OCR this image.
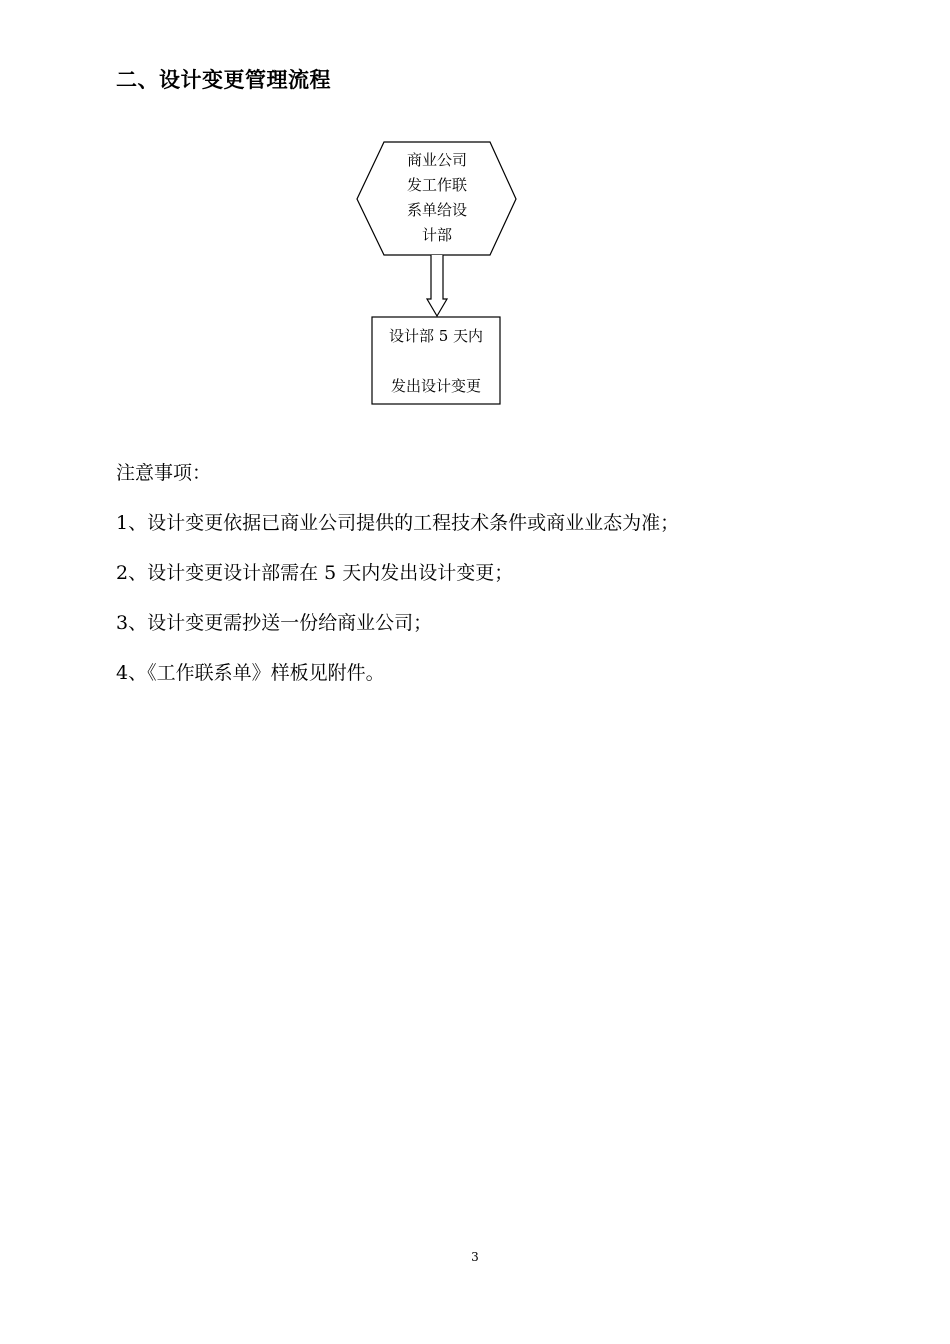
二、设计变更管理流程
商业公司
发工作联
系单给设
计部
设计部 5 天内
发出设计变更
注意事项：
1、设计变更依据已商业公司提供的工程技术条件或商业业态为准；
2、设计变更设计部需在 5 天内发出设计变更；
3、设计变更需抄送一份给商业公司；
4、《工作联系单》样板见附件。
3
